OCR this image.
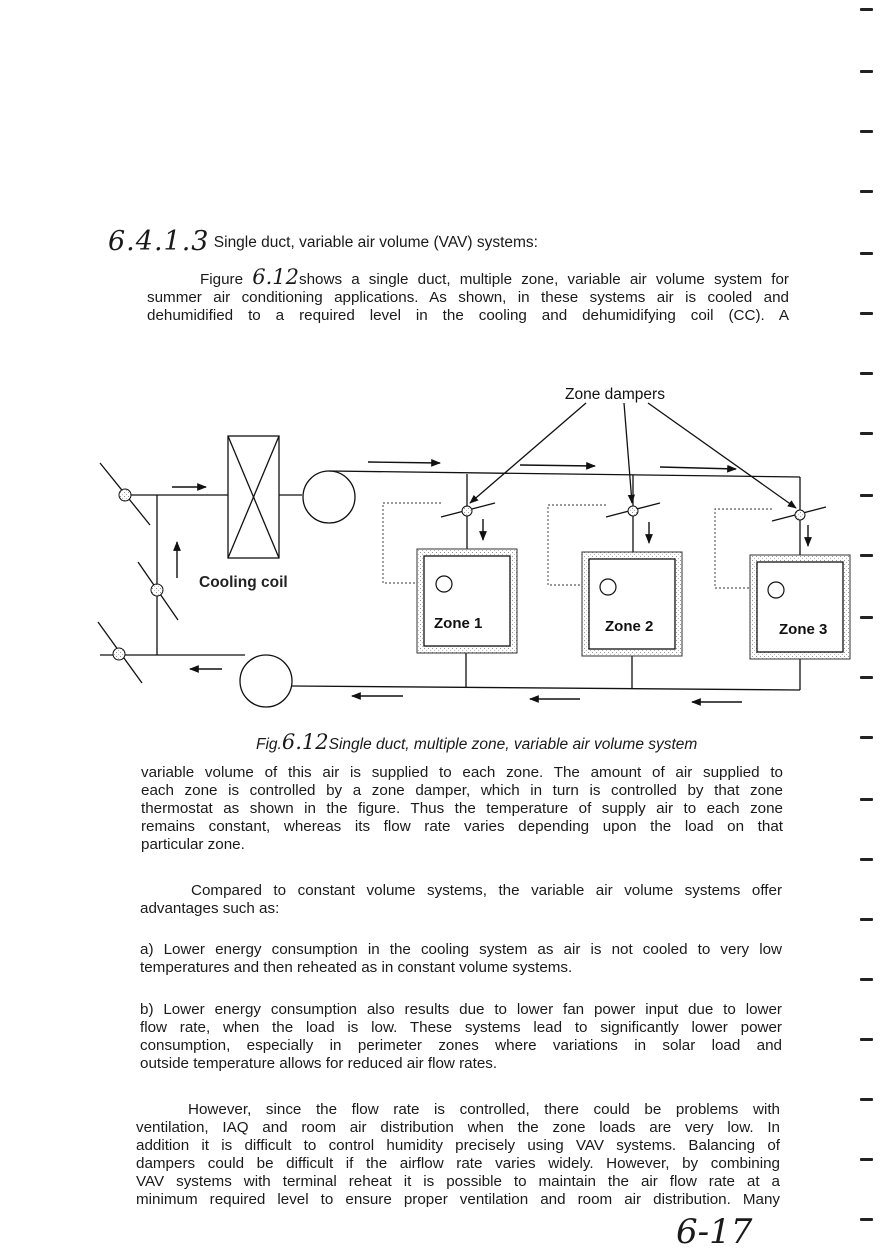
6.4.1.3 Single duct, variable air volume (VAV) systems:
Figure 6.12shows a single duct, multiple zone, variable air volume system for
summer air conditioning applications. As shown, in these systems air is cooled and
dehumidified to a required level in the cooling and dehumidifying coil (CC). A
Zone dampers
Cooling coil
Zone 1	Zone 2	Zone 3
Fig.6.12Single duct, multiple zone, variable air volume system
variable volume of this air is supplied to each zone. The amount of air supplied to
each zone is controlled by a zone damper, which in turn is controlled by that zone
thermostat as shown in the figure. Thus the temperature of supply air to each zone
remains constant, whereas its flow rate varies depending upon the load on that
particular zone.
Compared to constant volume systems, the variable air volume systems offer
advantages such as:
a) Lower energy consumption in the cooling system as air is not cooled to very low
temperatures and then reheated as in constant volume systems.
b) Lower energy consumption also results due to lower fan power input due to lower
flow rate, when the load is low. These systems lead to significantly lower power
consumption, especially in perimeter zones where variations in solar load and
outside temperature allows for reduced air flow rates.
However, since the flow rate is controlled, there could be problems with
ventilation, IAQ and room air distribution when the zone loads are very low. In
addition it is difficult to control humidity precisely using VAV systems. Balancing of
dampers could be difficult if the airflow rate varies widely. However, by combining
VAV systems with terminal reheat it is possible to maintain the air flow rate at a
minimum required level to ensure proper ventilation and room air distribution. Many
6-17
